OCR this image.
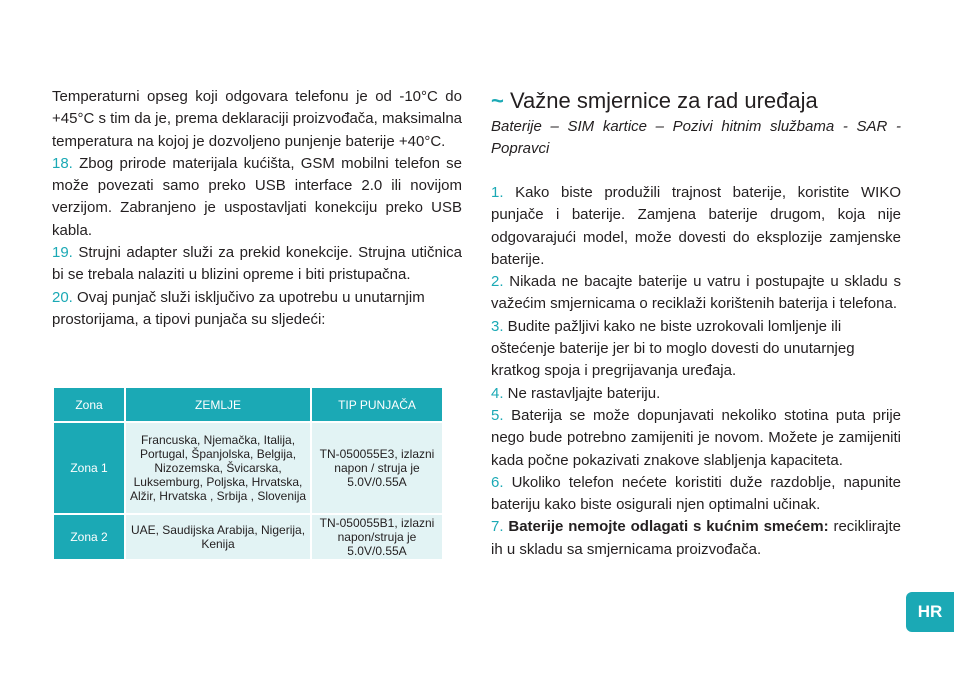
Temperaturni opseg koji odgovara telefonu je od -10°C do +45°C s tim da je, prema deklaraciji proizvođača, maksimalna temperatura na kojoj je dozvoljeno punjenje baterije +40°C.

18. Zbog prirode materijala kućišta, GSM mobilni telefon se može povezati samo preko USB interface 2.0 ili novijom verzijom. Zabranjeno je uspostavljati konekciju preko USB kabla.

19. Strujni adapter služi za prekid konekcije. Strujna utičnica bi se trebala nalaziti u blizini opreme i biti pristupačna.

20. Ovaj punjač služi isključivo za upotrebu u unutarnjim prostorijama, a tipovi punjača su sljedeći:

Zona	ZEMLJE	TIP PUNJAČA
Zona 1	Francuska, Njemačka, Italija, Portugal, Španjolska, Belgija, Nizozemska, Švicarska, Luksemburg, Poljska, Hrvatska, Alžir, Hrvatska , Srbija , Slovenija	TN-050055E3, izlazni napon / struja je 5.0V/0.55A
Zona 2	UAE, Saudijska Arabija, Nigerija, Kenija	TN-050055B1, izlazni napon/struja je 5.0V/0.55A
~ Važne smjernice za rad uređaja

Baterije – SIM kartice – Pozivi hitnim službama - SAR - Popravci

1. Kako biste produžili trajnost baterije, koristite WIKO punjače i baterije. Zamjena baterije drugom, koja nije odgovarajući model, može dovesti do eksplozije zamjenske baterije.

2. Nikada ne bacajte baterije u vatru i postupajte u skladu s važećim smjernicama o reciklaži korištenih baterija i telefona.

3. Budite pažljivi kako ne biste uzrokovali lomljenje ili oštećenje baterije jer bi to moglo dovesti do unutarnjeg kratkog spoja i pregrijavanja uređaja.

4. Ne rastavljajte bateriju.

5. Baterija se može dopunjavati nekoliko stotina puta prije nego bude potrebno zamijeniti je novom. Možete je zamijeniti kada počne pokazivati znakove slabljenja kapaciteta.

6. Ukoliko telefon nećete koristiti duže razdoblje, napunite bateriju kako biste osigurali njen optimalni učinak.

7. Baterije nemojte odlagati s kućnim smećem: reciklirajte ih u skladu sa smjernicama proizvođača.

HR
